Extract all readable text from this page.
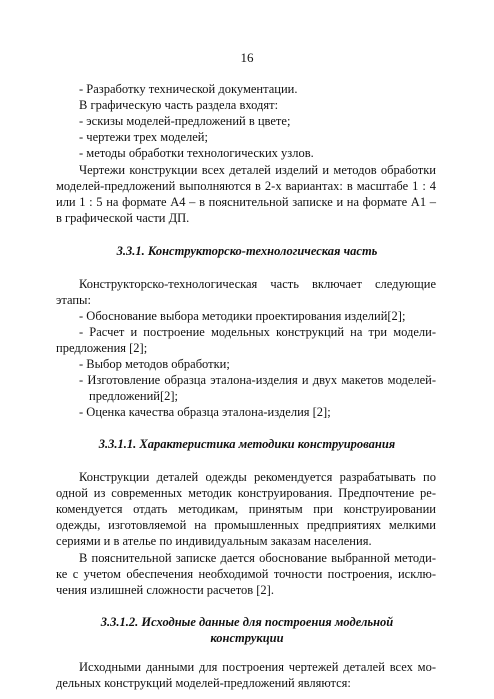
16
- Разработку технической документации.
В графическую часть раздела входят:
- эскизы моделей-предложений в цвете;
- чертежи трех моделей;
- методы обработки технологических узлов.
Чертежи конструкции всех деталей изделий и методов обработки
моделей-предложений выполняются в 2-х вариантах: в масштабе 1 : 4
или 1 : 5 на формате А4 – в пояснительной записке и на формате А1 –
в графической части ДП.
3.3.1. Конструкторско-технологическая часть
Конструкторско-технологическая часть включает следующие
этапы:
- Обоснование выбора методики проектирования изделий[2];
- Расчет и построение модельных конструкций на три модели-
предложения [2];
- Выбор методов обработки;
- Изготовление образца эталона-изделия и двух макетов моделей-
предложений[2];
- Оценка качества образца эталона-изделия [2];
3.3.1.1. Характеристика методики конструирования
Конструкции деталей одежды рекомендуется разрабатывать по
одной из современных методик конструирования. Предпочтение ре-
комендуется отдать методикам, принятым при конструировании
одежды, изготовляемой на промышленных предприятиях мелкими
сериями и в ателье по индивидуальным заказам населения.
В пояснительной записке дается обоснование выбранной методи-
ке с учетом обеспечения необходимой точности построения, исклю-
чения излишней сложности расчетов [2].
3.3.1.2. Исходные данные для построения модельной
конструкции
Исходными данными для построения чертежей деталей всех мо-
дельных конструкций моделей-предложений являются:
